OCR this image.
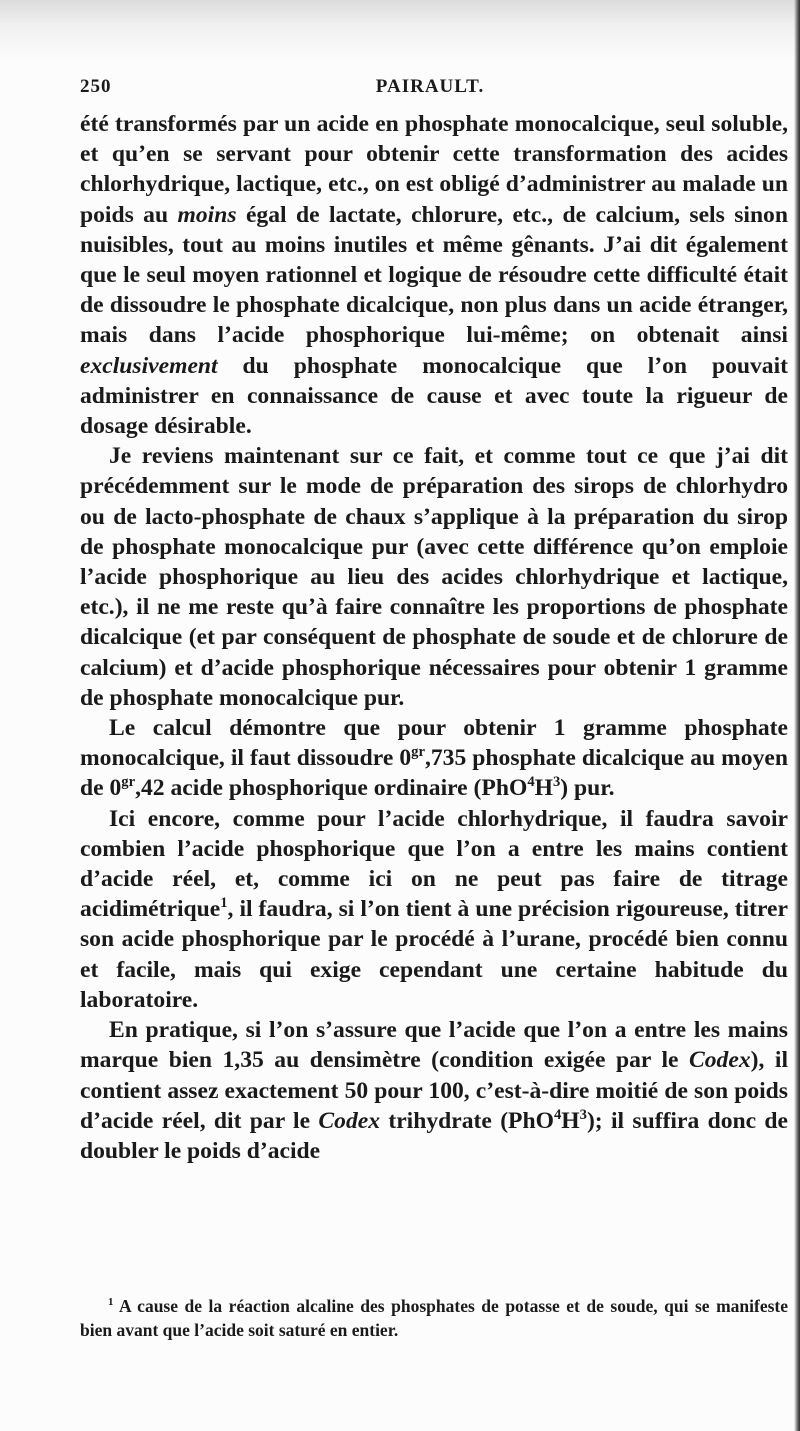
250	PAIRAULT.

été transformés par un acide en phosphate monocalcique, seul soluble, et qu’en se servant pour obtenir cette transformation des acides chlorhydrique, lactique, etc., on est obligé d’administrer au malade un poids au moins égal de lactate, chlorure, etc., de calcium, sels sinon nuisibles, tout au moins inutiles et même gênants. J’ai dit également que le seul moyen rationnel et logique de résoudre cette difficulté était de dissoudre le phosphate dicalcique, non plus dans un acide étranger, mais dans l’acide phosphorique lui-même; on obtenait ainsi exclusivement du phosphate monocalcique que l’on pouvait administrer en connaissance de cause et avec toute la rigueur de dosage désirable.

Je reviens maintenant sur ce fait, et comme tout ce que j’ai dit précédemment sur le mode de préparation des sirops de chlorhydro ou de lacto-phosphate de chaux s’applique à la préparation du sirop de phosphate monocalcique pur (avec cette différence qu’on emploie l’acide phosphorique au lieu des acides chlorhydrique et lactique, etc.), il ne me reste qu’à faire connaître les proportions de phosphate dicalcique (et par conséquent de phosphate de soude et de chlorure de calcium) et d’acide phosphorique nécessaires pour obtenir 1 gramme de phosphate monocalcique pur.

Le calcul démontre que pour obtenir 1 gramme phosphate monocalcique, il faut dissoudre $0^{gr},735$ phosphate dicalcique au moyen de $0^{gr},42$ acide phosphorique ordinaire $(PhO^4H^3)$ pur.

Ici encore, comme pour l’acide chlorhydrique, il faudra savoir combien l’acide phosphorique que l’on a entre les mains contient d’acide réel, et, comme ici on ne peut pas faire de titrage acidimétrique$^1$, il faudra, si l’on tient à une précision rigoureuse, titrer son acide phosphorique par le procédé à l’urane, procédé bien connu et facile, mais qui exige cependant une certaine habitude du laboratoire.

En pratique, si l’on s’assure que l’acide que l’on a entre les mains marque bien 1,35 au densimètre (condition exigée par le Codex), il contient assez exactement 50 pour 100, c’est-à-dire moitié de son poids d’acide réel, dit par le Codex trihydrate $(PhO^4H^3)$; il suffira donc de doubler le poids d’acide

$^1$ A cause de la réaction alcaline des phosphates de potasse et de soude, qui se manifeste bien avant que l’acide soit saturé en entier.
